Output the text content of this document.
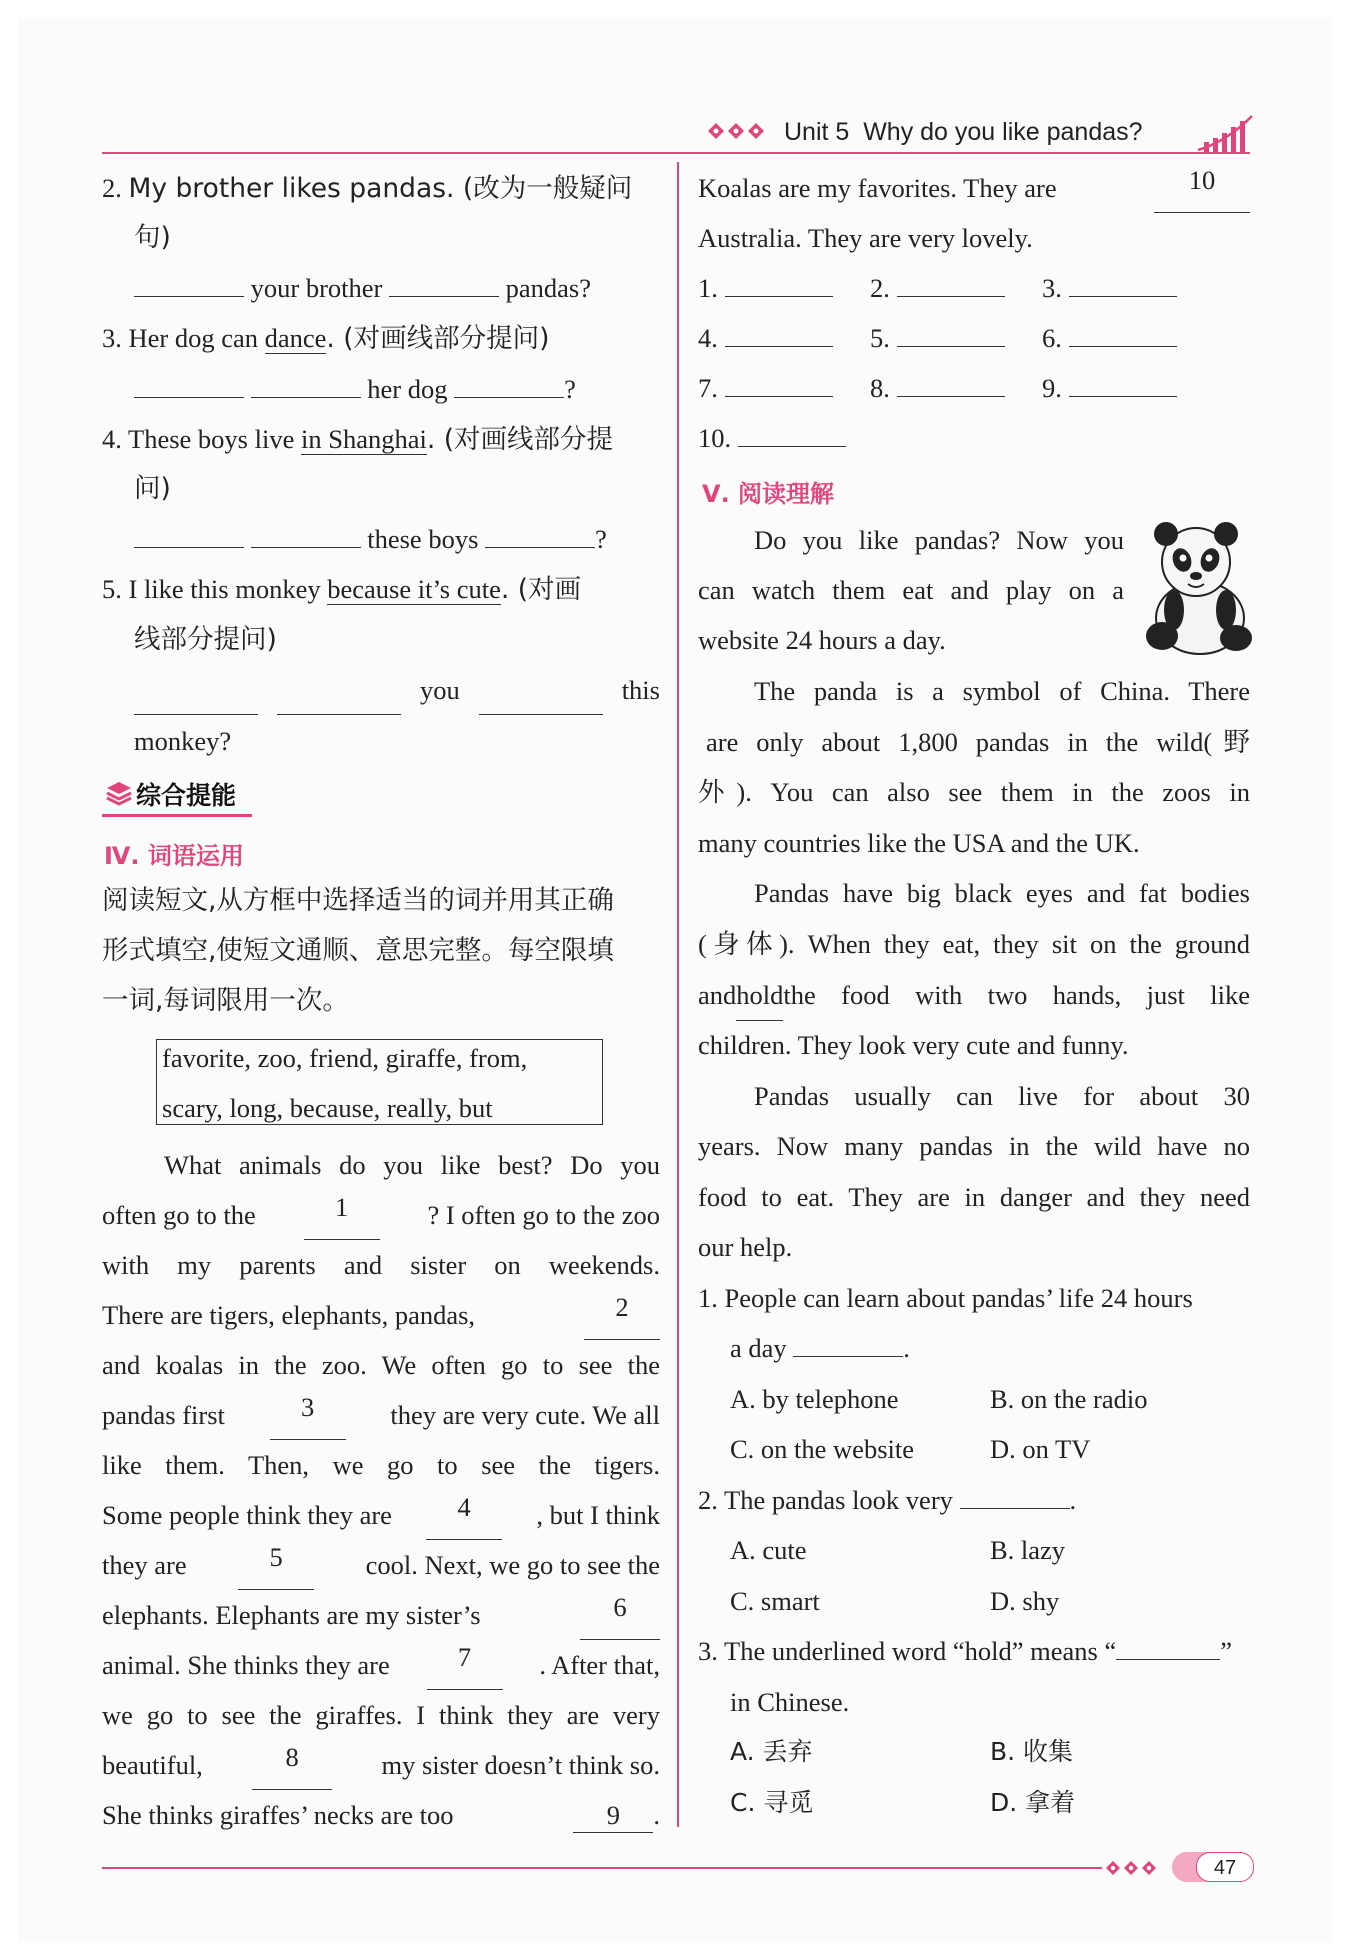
Unit 5  Why do you like pandas?
2. My brother likes pandas. (改为一般疑问
句)
your brother	pandas?
3. Her dog can dance. (对画线部分提问)
her dog	?
4. These boys live in Shanghai. (对画线部分提
问)
these boys	?
5. I like this monkey because it’s cute. (对画
线部分提问)
you	this
monkey?
综合提能
Ⅳ. 词语运用
阅读短文,从方框中选择适当的词并用其正确
形式填空,使短文通顺、意思完整。每空限填
一词,每词限用一次。
favorite, zoo, friend, giraffe, from,
scary, long, because, really, but
What animals do you like best? Do you
often go to the	1	? I often go to the zoo
with my parents and sister on weekends.
There are tigers, elephants, pandas,	2
and koalas in the zoo. We often go to see the
pandas first	3	they are very cute. We all
like them. Then, we go to see the tigers.
Some people think they are	4	, but I think
they are	5	cool. Next, we go to see the
elephants. Elephants are my sister’s	6
animal. She thinks they are	7	. After that,
we go to see the giraffes. I think they are very
beautiful,	8	my sister doesn’t think so.
She thinks giraffes’ necks are too	9 .
Koalas are my favorites. They are	10
Australia. They are very lovely.
1.	2.	3.
4.	5.	6.
7.	8.	9.
10.
Ⅴ. 阅读理解
Do you like pandas? Now you
can watch them eat and play on a
website 24 hours a day.
The panda is a symbol of China. There
are only about 1,800 pandas in the wild(野
外). You can also see them in the zoos in
many countries like the USA and the UK.
Pandas have big black eyes and fat bodies
(身体). When they eat, they sit on the ground
and hold the food with two hands, just like
children. They look very cute and funny.
Pandas usually can live for about 30
years. Now many pandas in the wild have no
food to eat. They are in danger and they need
our help.
1. People can learn about pandas’ life 24 hours
a day	.
A. by telephone	B. on the radio
C. on the website	D. on TV
2. The pandas look very	.
A. cute	B. lazy
C. smart	D. shy
3. The underlined word “hold” means “	”
in Chinese.
A. 丢弃	B. 收集
C. 寻觅	D. 拿着
47
